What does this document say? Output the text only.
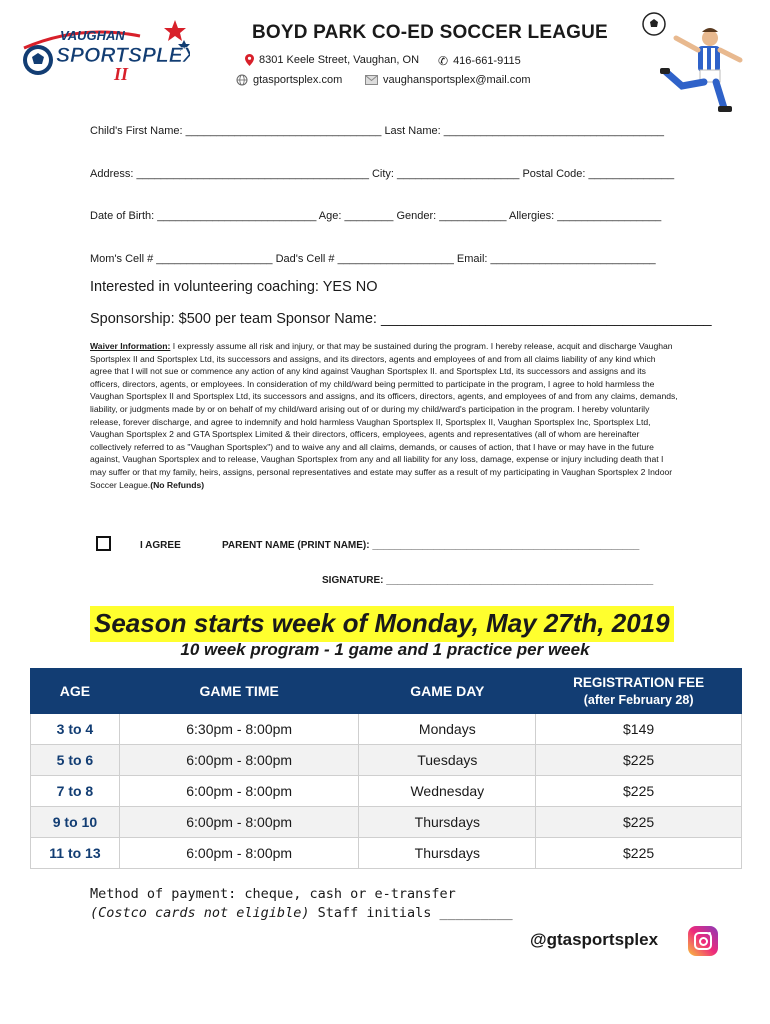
VAUGHAN
SPORTSPLEX
II
BOYD PARK CO-ED SOCCER LEAGUE
8301 Keele Street, Vaughan, ON ✆ 416-661-9115
gtasportsplex.com	vaughansportsplex@mail.com
Child's First Name: ________________________________ Last Name: ____________________________________
Address: ______________________________________ City: ____________________ Postal Code: ______________
Date of Birth: __________________________ Age: ________ Gender: ___________ Allergies: _________________
Mom's Cell # ___________________ Dad's Cell # ___________________ Email: ___________________________
Interested in volunteering coaching: YES NO
Sponsorship: $500 per team Sponsor Name: _________________________________________
Waiver Information: I expressly assume all risk and injury, or that may be sustained during the program. I hereby release, acquit and discharge Vaughan Sportsplex II and Sportsplex Ltd, its successors and assigns, and its directors, agents and employees of and from all claims liability of any kind which agree that I will not sue or commence any action of any kind against Vaughan Sportsplex II. and Sportsplex Ltd, its successors and assigns and its officers, directors, agents, or employees. In consideration of my child/ward being permitted to participate in the program, I agree to hold harmless the Vaughan Sportsplex II and Sportsplex Ltd, its successors and assigns, and its officers, directors, agents, and employees of and from any claims, demands, liability, or judgments made by or on behalf of my child/ward arising out of or during my child/ward's participation in the program. I hereby voluntarily release, forever discharge, and agree to indemnify and hold harmless Vaughan Sportsplex II, Sportsplex II, Vaughan Sportsplex Inc, Sportsplex Ltd, Vaughan Sportsplex 2 and GTA Sportsplex Limited & their directors, officers, employees, agents and representatives (all of whom are hereinafter collectively referred to as "Vaughan Sportsplex") and to waive any and all claims, demands, or causes of action, that I have or may have in the future against, Vaughan Sportsplex and to release, Vaughan Sportsplex from any and all liability for any loss, damage, expense or injury including death that I may suffer or that my family, heirs, assigns, personal representatives and estate may suffer as a result of my participating in Vaughan Sportsplex 2 Indoor Soccer League.(No Refunds)
I AGREE	PARENT NAME (PRINT NAME): ________________________________________________
SIGNATURE: ________________________________________________
Season starts week of Monday, May 27th, 2019
10 week program - 1 game and 1 practice per week
AGE	GAME TIME	GAME DAY	REGISTRATION FEE
(after February 28)
3 to 4	6:30pm - 8:00pm	Mondays	$149
5 to 6	6:00pm - 8:00pm	Tuesdays	$225
7 to 8	6:00pm - 8:00pm	Wednesday	$225
9 to 10	6:00pm - 8:00pm	Thursdays	$225
11 to 13	6:00pm - 8:00pm	Thursdays	$225
Method of payment: cheque, cash or e-transfer
(Costco cards not eligible) Staff initials _________
@gtasportsplex
